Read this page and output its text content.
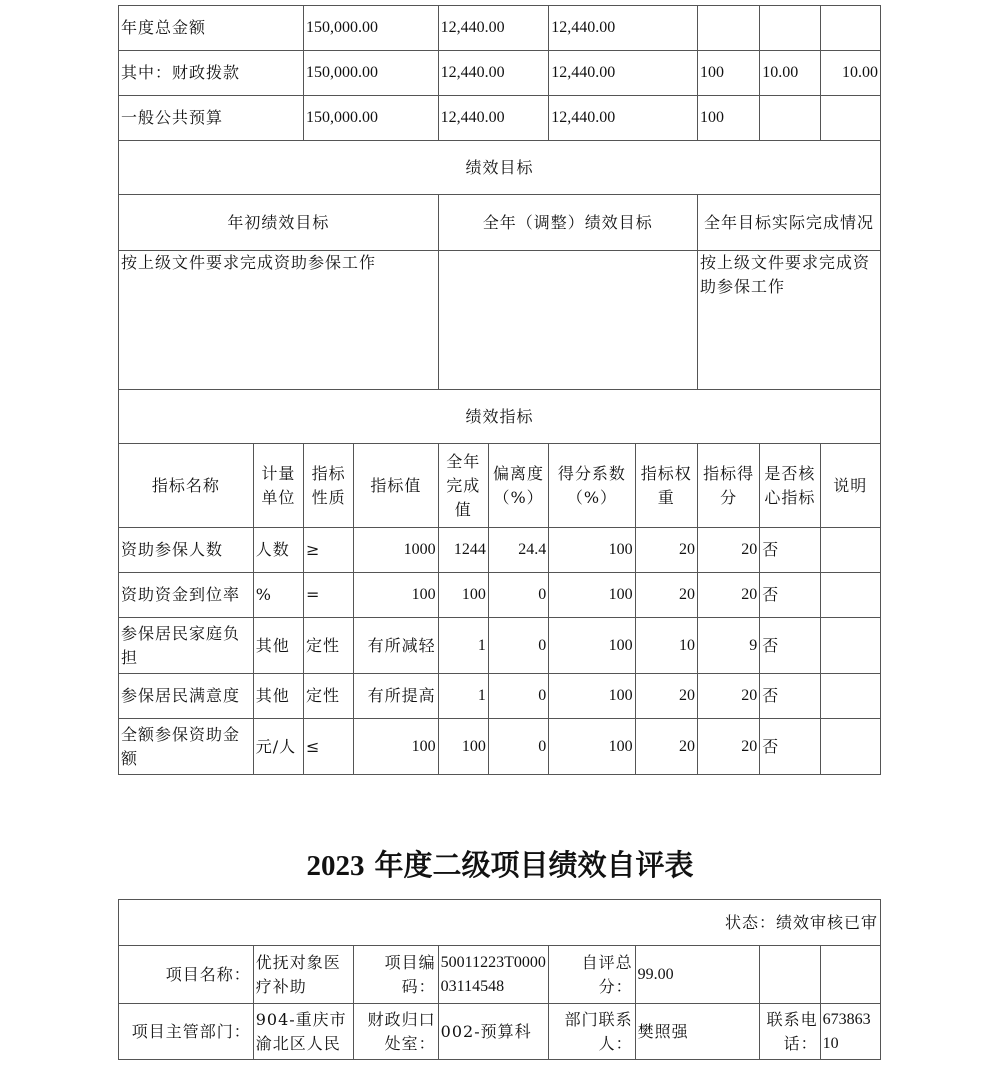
年度总金额		150,000.00		12,440.00		12,440.00				
其中：财政拨款		150,000.00		12,440.00		12,440.00		100	10.00	10.00
一般公共预算		150,000.00		12,440.00		12,440.00		100		
绩效目标										
年初绩效目标				全年（调整）绩效目标				全年目标实际完成情况		
按上级文件要求完成资助参保工作								按上级文件要求完成资助参保工作		
绩效指标										
指标名称	计量单位	指标性质	指标值	全年完成值	偏离度（%）	得分系数（%）	指标权重	指标得分	是否核心指标	说明
资助参保人数	人数	≥	1000	1244	24.4	100	20	20	否	
资助资金到位率	%	=	100	100	0	100	20	20	否	
参保居民家庭负担	其他	定性	有所减轻	1	0	100	10	9	否	
参保居民满意度	其他	定性	有所提高	1	0	100	20	20	否	
全额参保资助金额	元/人	≤	100	100	0	100	20	20	否	
2023 年度二级项目绩效自评表
状态：绩效审核已审							
项目名称：	优抚对象医疗补助	项目编码：	50011223T000003114548	自评总分：	99.00		
项目主管部门：	904-重庆市渝北区人民	财政归口处室：	002-预算科	部门联系人：	樊照强	联系电话：	67386310
